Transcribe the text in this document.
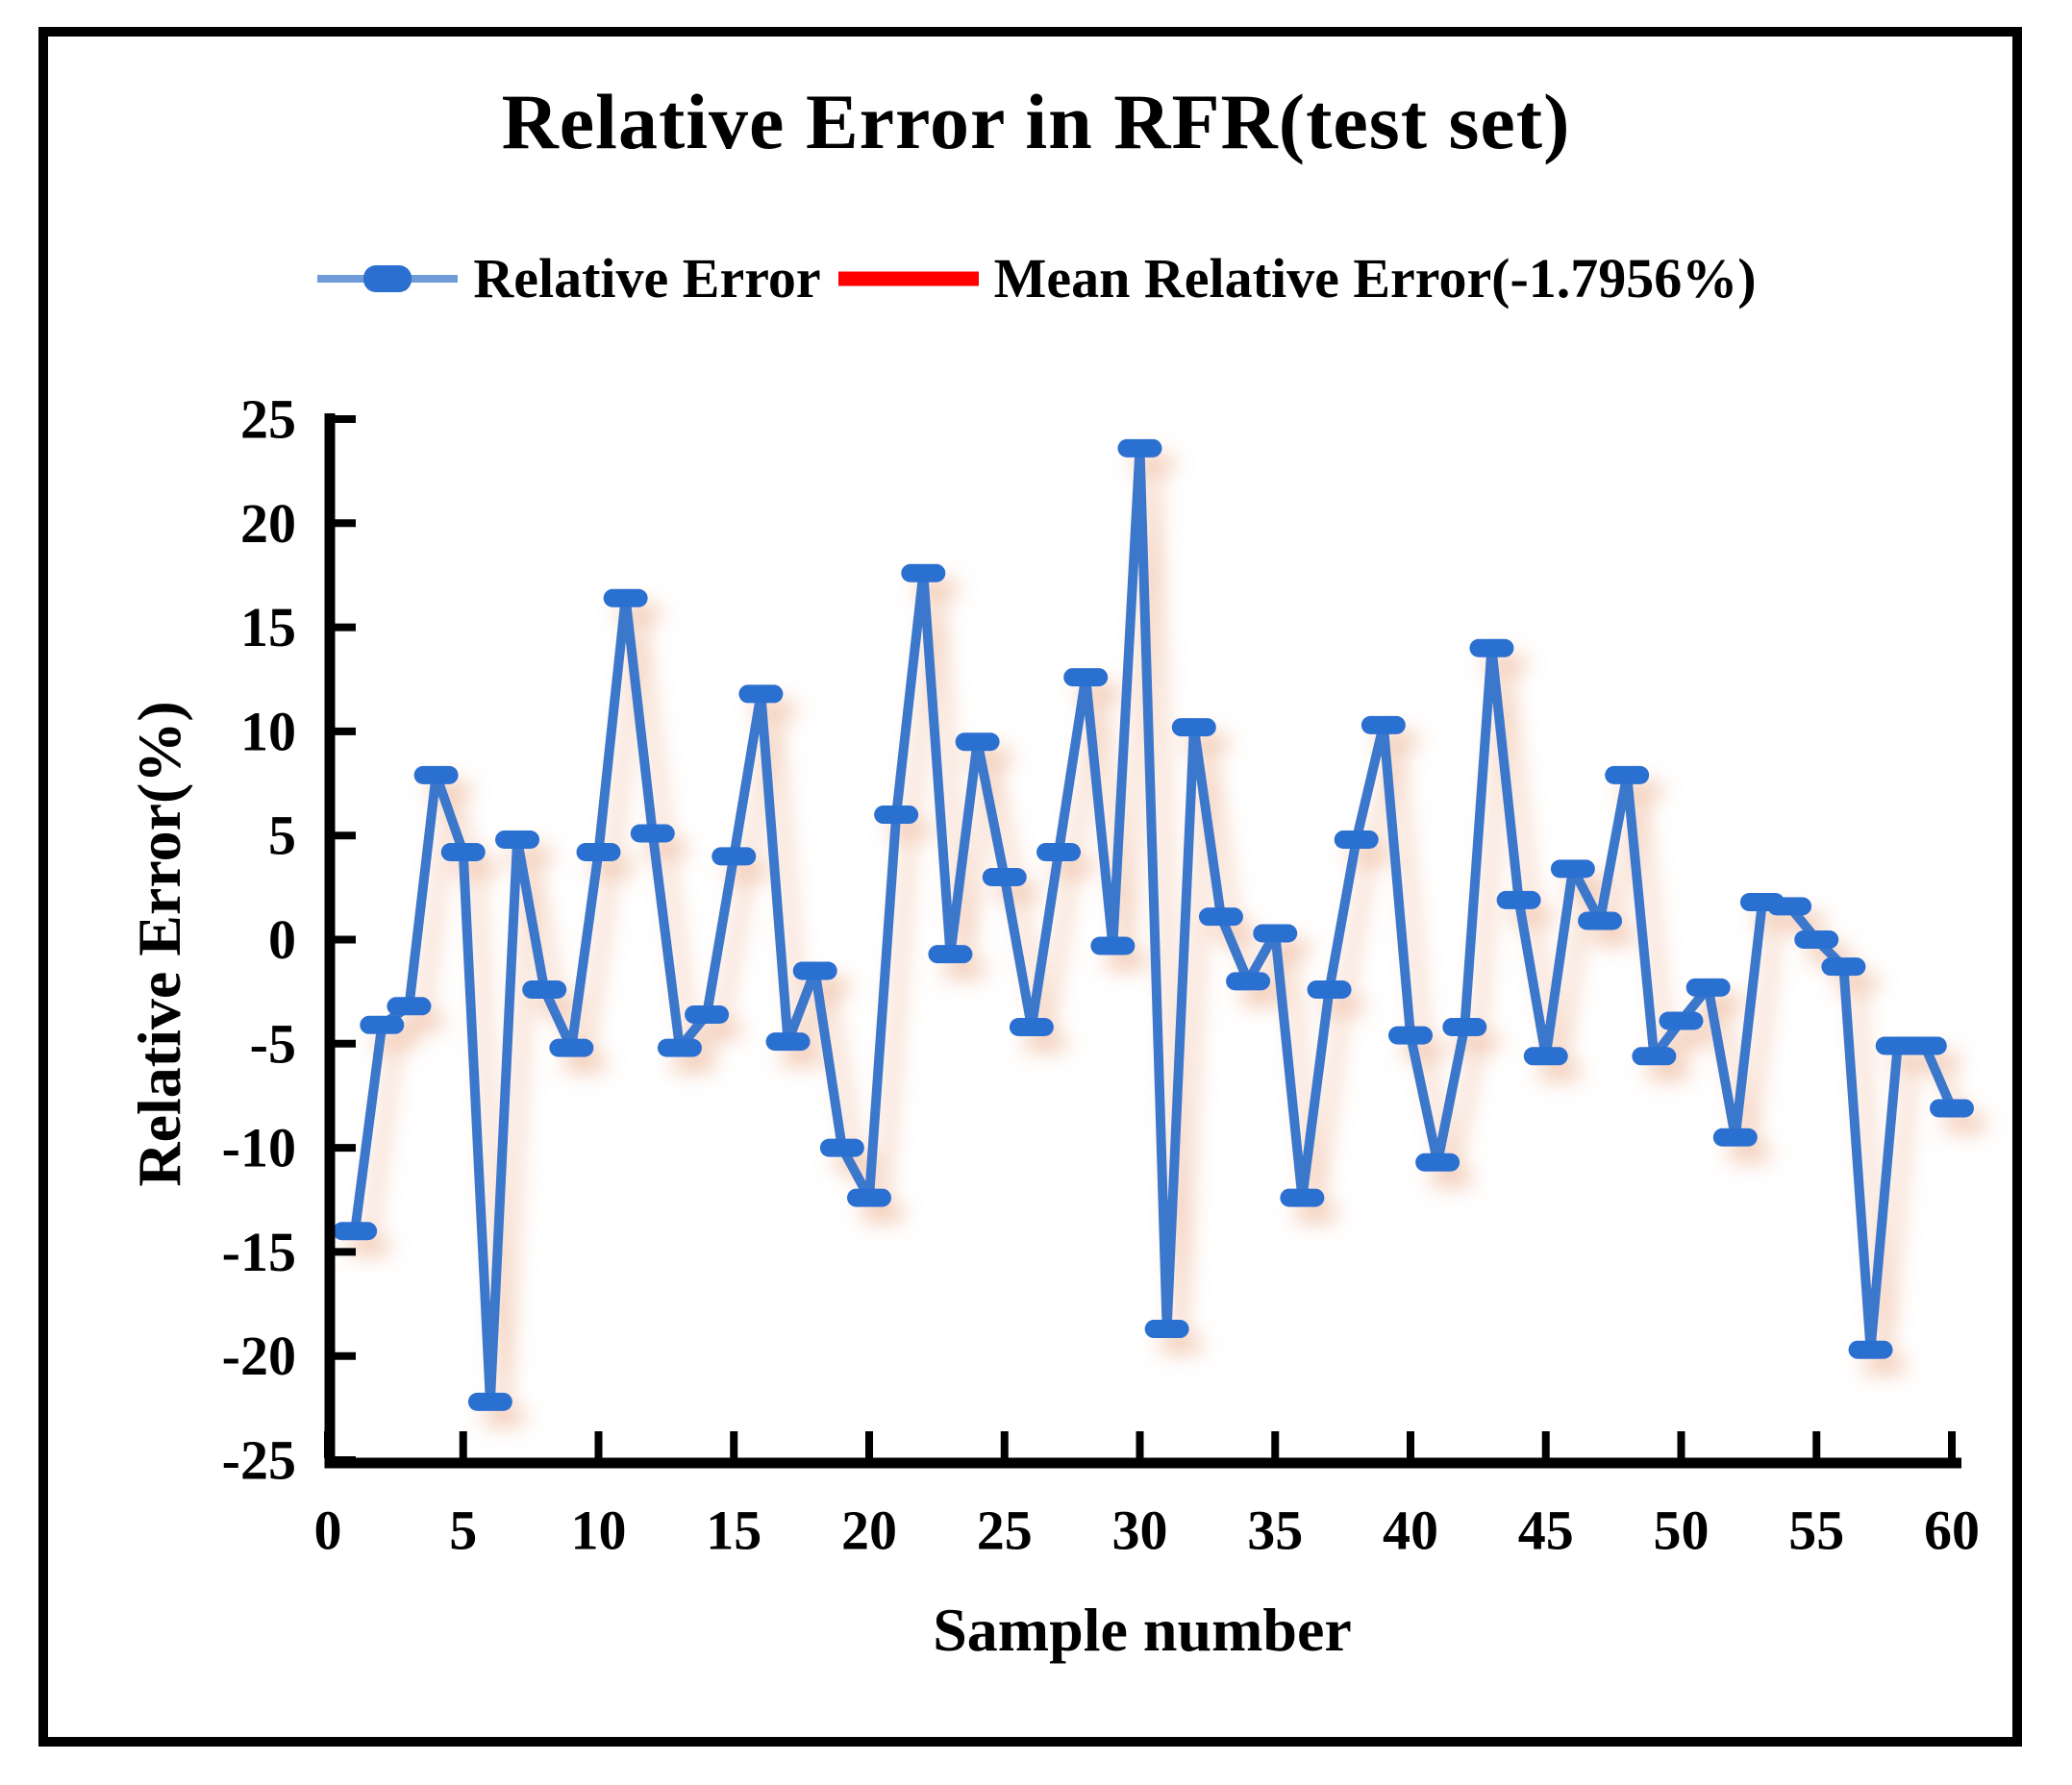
Relative Error in RFR(test set)
Relative Error	Mean Relative Error(-1.7956%)
25
20
15
10
5
0
-5
-10
-15
-20
-25
0 5 10 15 20 25 30 35 40 45 50 55 60
Relative Error(%)
Sample number
